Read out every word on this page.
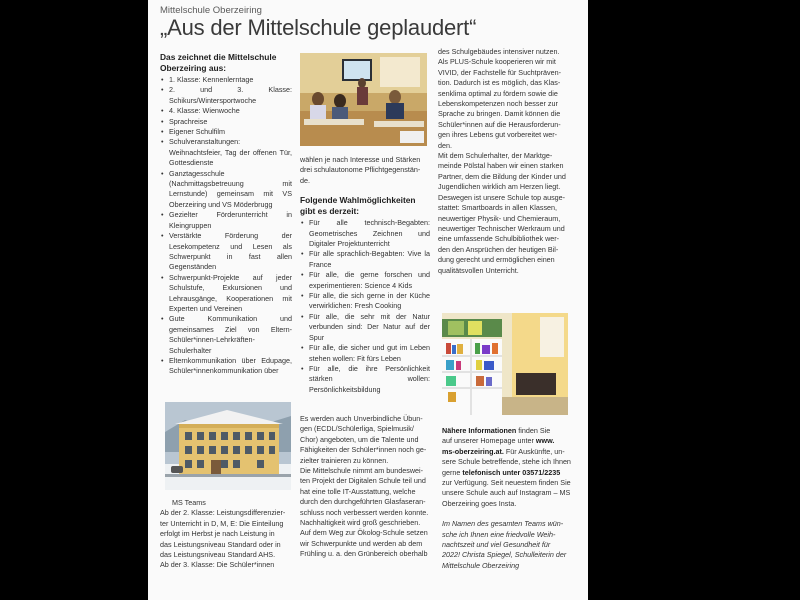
Mittelschule Oberzeiring
„Aus der Mittelschule geplaudert“

Das zeichnet die Mittelschule

Oberzeiring aus:

• 1. Klasse: Kennenlerntage
• 2. und 3. Klasse: Schikurs/Wintersportwoche
• 4. Klasse: Wienwoche
• Sprachreise
• Eigener Schulfilm
• Schulveranstaltungen: Weihnachtsfeier, Tag der offenen Tür, Gottesdienste
• Ganztagesschule (Nachmittagsbetreuung mit Lernstunde) gemeinsam mit VS Oberzeiring und VS Möderbrugg
• Gezielter Förderunterricht in Kleingruppen
• Verstärkte Förderung der Lesekompetenz und Lesen als Schwerpunkt in fast allen Gegenständen
• Schwerpunkt-Projekte auf jeder Schulstufe, Exkursionen und Lehrausgänge, Kooperationen mit Experten und Vereinen
• Gute Kommunikation und gemeinsames Ziel von Eltern-Schüler*innen-Lehrkräften-Schulerhalter
• Elternkommunikation über Edupage, Schüler*innenkommunikation über

MS Teams

Ab der 2. Klasse: Leistungsdifferenzier-

ter Unterricht in D, M, E: Die Einteilung

erfolgt im Herbst je nach Leistung in

das Leistungsniveau Standard oder in

das Leistungsniveau Standard AHS.

Ab der 3. Klasse: Die Schüler*innen

wählen je nach Interesse und Stärken

drei schulautonome Pflichtgegenstän-

de.

Folgende Wahlmöglichkeiten

gibt es derzeit:

• Für alle technisch-Begabten: Geometrisches Zeichnen und Digitaler Projektunterricht
• Für alle sprachlich-Begabten: Vive la France
• Für alle, die gerne forschen und experimentieren: Science 4 Kids
• Für alle, die sich gerne in der Küche verwirklichen: Fresh Cooking
• Für alle, die sehr mit der Natur verbunden sind: Der Natur auf der Spur
• Für alle, die sicher und gut im Leben stehen wollen: Fit fürs Leben
• Für alle, die ihre Persönlichkeit stärken wollen: Persönlichkeitsbildung

Es werden auch Unverbindliche Übun-

gen (ECDL/Schülerliga, Spielmusik/

Chor) angeboten, um die Talente und

Fähigkeiten der Schüler*innen noch ge-

zielter trainieren zu können.

Die Mittelschule nimmt am bundeswei-

ten Projekt der Digitalen Schule teil und

hat eine tolle IT-Ausstattung, welche

durch den durchgeführten Glasfaseran-

schluss noch verbessert werden konnte.

Nachhaltigkeit wird groß geschrieben.

Auf dem Weg zur Ökolog-Schule setzen

wir Schwerpunkte und werden ab dem

Frühling u. a. den Grünbereich oberhalb

des Schulgebäudes intensiver nutzen.

Als PLUS-Schule kooperieren wir mit

VIVID, der Fachstelle für Suchtpräven-

tion. Dadurch ist es möglich, das Klas-

senklima optimal zu fördern sowie die

Lebenskompetenzen noch besser zur

Sprache zu bringen. Damit können die

Schüler*innen auf die Herausforderun-

gen ihres Lebens gut vorbereitet wer-

den.

Mit dem Schulerhalter, der Marktge-

meinde Pölstal haben wir einen starken

Partner, dem die Bildung der Kinder und

Jugendlichen wirklich am Herzen liegt.

Deswegen ist unsere Schule top ausge-

stattet: Smartboards in allen Klassen,

neuwertiger Physik- und Chemieraum,

neuwertiger Technischer Werkraum und

eine umfassende Schulbibliothek wer-

den den Ansprüchen der heutigen Bil-

dung gerecht und ermöglichen einen

qualitätsvollen Unterricht.

Nähere Informationen finden Sie

auf unserer Homepage unter www.

ms-oberzeiring.at. Für Auskünfte, un-

sere Schule betreffende, stehe ich Ihnen

gerne telefonisch unter 03571/2235

zur Verfügung. Seit neuestem finden Sie

unsere Schule auch auf Instagram – MS

Oberzeiring goes Insta.

Im Namen des gesamten Teams wün-

sche ich Ihnen eine friedvolle Weih-

nachtszeit und viel Gesundheit für

2022! Christa Spiegel, Schulleiterin der

Mittelschule Oberzeiring
